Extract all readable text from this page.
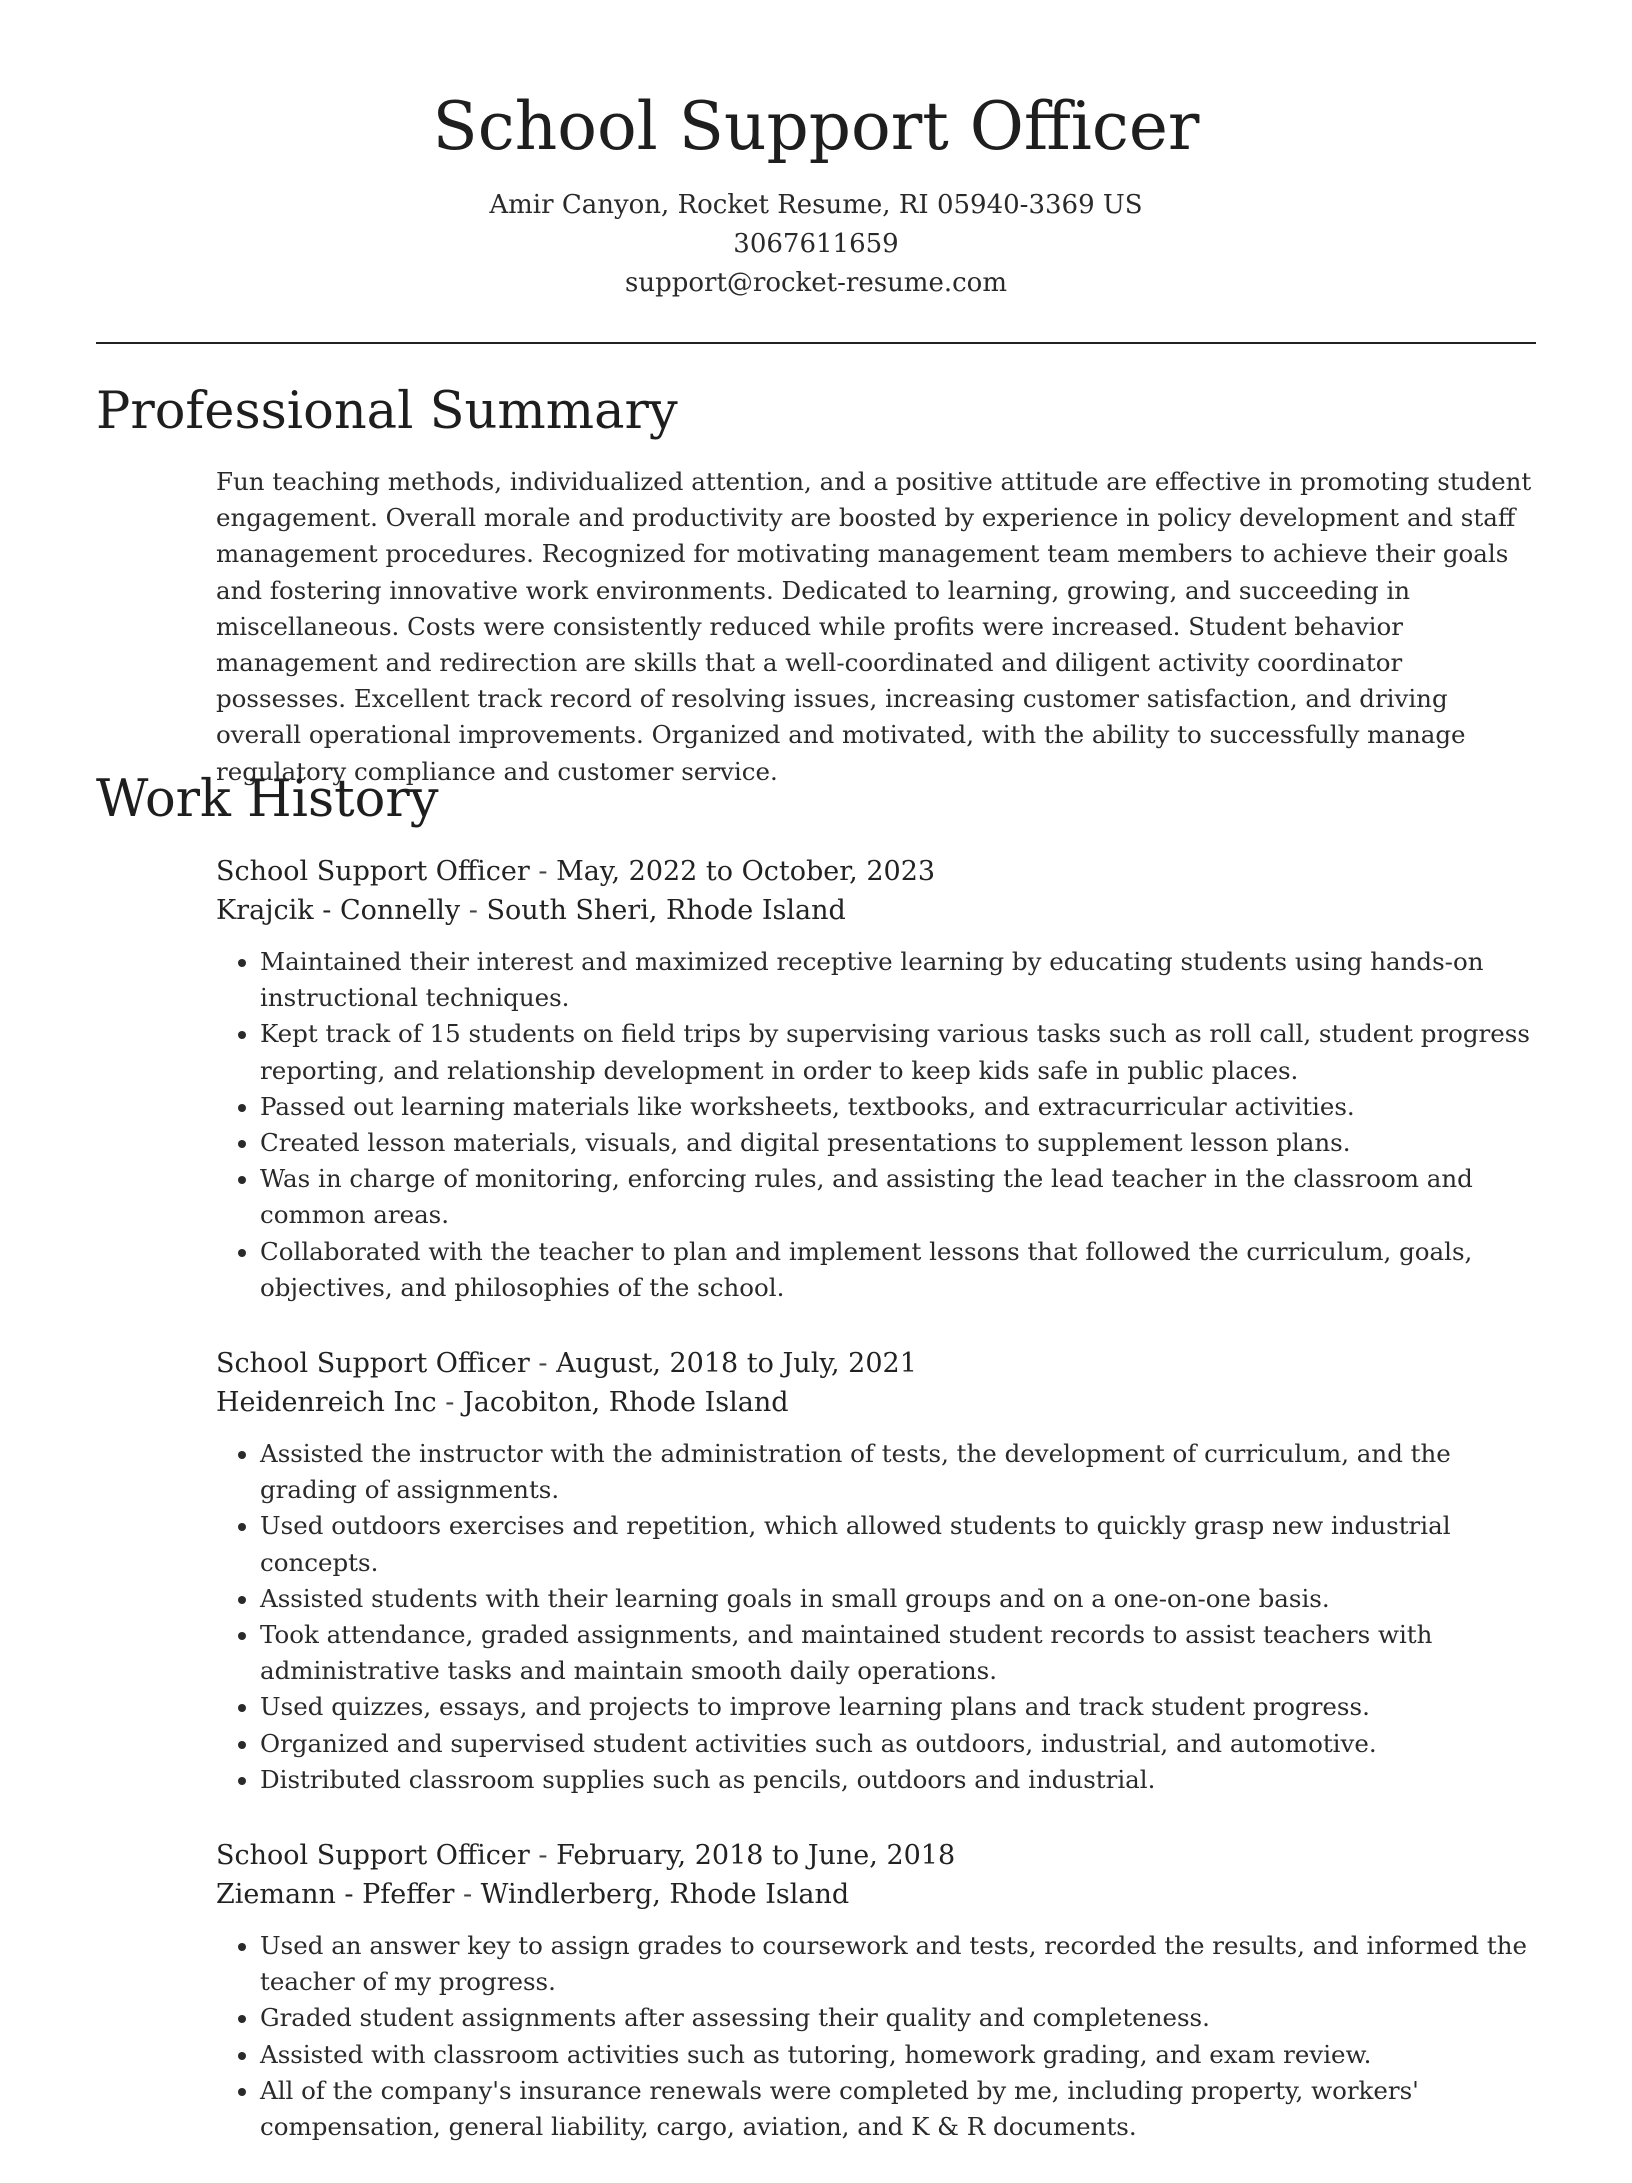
School Support Officer
Amir Canyon, Rocket Resume, RI 05940-3369 US
3067611659
support@rocket-resume.com
Professional Summary

Fun teaching methods, individualized attention, and a positive attitude are effective in promoting student engagement. Overall morale and productivity are boosted by experience in policy development and staff management procedures. Recognized for motivating management team members to achieve their goals and fostering innovative work environments. Dedicated to learning, growing, and succeeding in miscellaneous. Costs were consistently reduced while profits were increased. Student behavior management and redirection are skills that a well-coordinated and diligent activity coordinator possesses. Excellent track record of resolving issues, increasing customer satisfaction, and driving overall operational improvements. Organized and motivated, with the ability to successfully manage regulatory compliance and customer service.

Work History
School Support Officer - May, 2022 to October, 2023
Krajcik - Connelly - South Sheri, Rhode Island
• Maintained their interest and maximized receptive learning by educating students using hands-on instructional techniques.
• Kept track of 15 students on field trips by supervising various tasks such as roll call, student progress reporting, and relationship development in order to keep kids safe in public places.
• Passed out learning materials like worksheets, textbooks, and extracurricular activities.
• Created lesson materials, visuals, and digital presentations to supplement lesson plans.
• Was in charge of monitoring, enforcing rules, and assisting the lead teacher in the classroom and common areas.
• Collaborated with the teacher to plan and implement lessons that followed the curriculum, goals, objectives, and philosophies of the school.
School Support Officer - August, 2018 to July, 2021
Heidenreich Inc - Jacobiton, Rhode Island
• Assisted the instructor with the administration of tests, the development of curriculum, and the grading of assignments.
• Used outdoors exercises and repetition, which allowed students to quickly grasp new industrial concepts.
• Assisted students with their learning goals in small groups and on a one-on-one basis.
• Took attendance, graded assignments, and maintained student records to assist teachers with administrative tasks and maintain smooth daily operations.
• Used quizzes, essays, and projects to improve learning plans and track student progress.
• Organized and supervised student activities such as outdoors, industrial, and automotive.
• Distributed classroom supplies such as pencils, outdoors and industrial.
School Support Officer - February, 2018 to June, 2018
Ziemann - Pfeffer - Windlerberg, Rhode Island
• Used an answer key to assign grades to coursework and tests, recorded the results, and informed the teacher of my progress.
• Graded student assignments after assessing their quality and completeness.
• Assisted with classroom activities such as tutoring, homework grading, and exam review.
• All of the company's insurance renewals were completed by me, including property, workers' compensation, general liability, cargo, aviation, and K & R documents.
